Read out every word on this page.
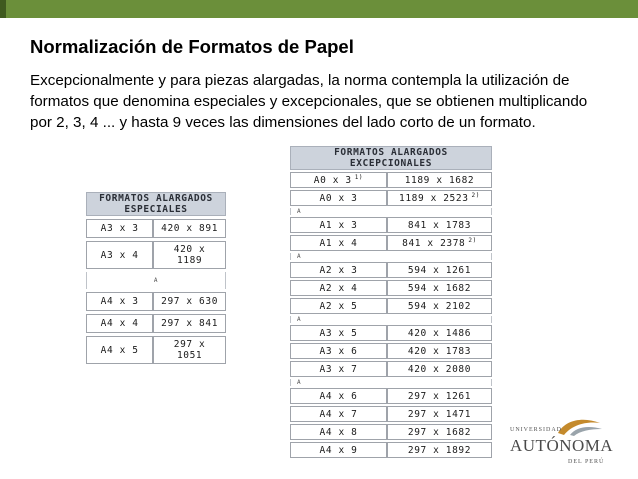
Normalización de Formatos de Papel
Excepcionalmente y para piezas alargadas, la norma contempla la utilización de formatos que denomina especiales y excepcionales, que se obtienen multiplicando por 2, 3, 4 ... y hasta 9 veces las dimensiones del lado corto de un formato.
FORMATOS ALARGADOS ESPECIALES	
A3 x 3	420 x 891
A3 x 4	420 x 1189
A	
A4 x 3	297 x 630
A4 x 4	297 x 841
A4 x 5	297 x 1051
FORMATOS ALARGADOS EXCEPCIONALES	
A0 x 3 $^{1)}$	1189 x 1682
A0 x 3	1189 x 2523 $^{2)}$
A	
A1 x 3	841 x 1783
A1 x 4	841 x 2378 $^{2)}$
A	
A2 x 3	594 x 1261
A2 x 4	594 x 1682
A2 x 5	594 x 2102
A	
A3 x 5	420 x 1486
A3 x 6	420 x 1783
A3 x 7	420 x 2080
A	
A4 x 6	297 x 1261
A4 x 7	297 x 1471
A4 x 8	297 x 1682
A4 x 9	297 x 1892
UNIVERSIDAD
AUTÓNOMA
DEL PERÚ
